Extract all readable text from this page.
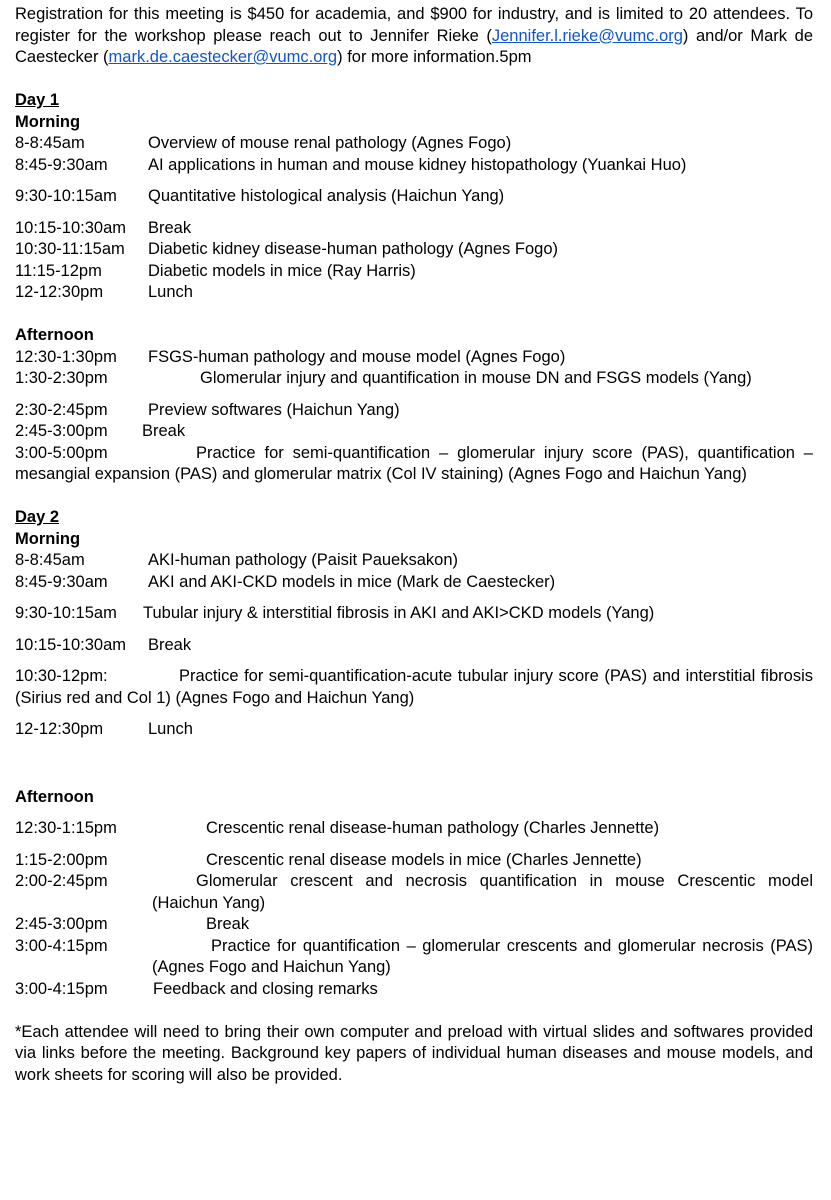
Registration for this meeting is $450 for academia, and $900 for industry, and is limited to 20 attendees. To register for the workshop please reach out to Jennifer Rieke (Jennifer.l.rieke@vumc.org) and/or Mark de Caestecker (mark.de.caestecker@vumc.org) for more information.5pm

Day 1

Morning

8-8:45am	Overview of mouse renal pathology (Agnes Fogo)
8:45-9:30am	AI applications in human and mouse kidney histopathology (Yuankai Huo)
9:30-10:15am	Quantitative histological analysis (Haichun Yang)
10:15-10:30am	Break
10:30-11:15am	Diabetic kidney disease-human pathology (Agnes Fogo)
11:15-12pm	Diabetic models in mice (Ray Harris)
12-12:30pm	Lunch

Afternoon

12:30-1:30pm	FSGS-human pathology and mouse model (Agnes Fogo)
1:30-2:30pm	Glomerular injury and quantification in mouse DN and FSGS models (Yang)
2:30-2:45pm	Preview softwares (Haichun Yang)
2:45-3:00pm	Break
3:00-5:00pm	Practice for semi-quantification – glomerular injury score (PAS), quantification –mesangial expansion (PAS) and glomerular matrix (Col IV staining) (Agnes Fogo and Haichun Yang)

Day 2

Morning

8-8:45am	AKI-human pathology (Paisit Paueksakon)
8:45-9:30am	AKI and AKI-CKD models in mice (Mark de Caestecker)
9:30-10:15am	Tubular injury & interstitial fibrosis in AKI and AKI>CKD models (Yang)
10:15-10:30am	Break
10:30-12pm:	Practice for semi-quantification-acute tubular injury score (PAS) and interstitial fibrosis (Sirius red and Col 1) (Agnes Fogo and Haichun Yang)
12-12:30pm	Lunch

Afternoon

12:30-1:15pm	Crescentic renal disease-human pathology (Charles Jennette)
1:15-2:00pm	Crescentic renal disease models in mice (Charles Jennette)
2:00-2:45pm	Glomerular crescent and necrosis quantification in mouse Crescentic model (Haichun Yang)
2:45-3:00pm	Break
3:00-4:15pm	Practice for quantification – glomerular crescents and glomerular necrosis (PAS) (Agnes Fogo and Haichun Yang)
3:00-4:15pm	Feedback and closing remarks

*Each attendee will need to bring their own computer and preload with virtual slides and softwares provided via links before the meeting. Background key papers of individual human diseases and mouse models, and work sheets for scoring will also be provided.
